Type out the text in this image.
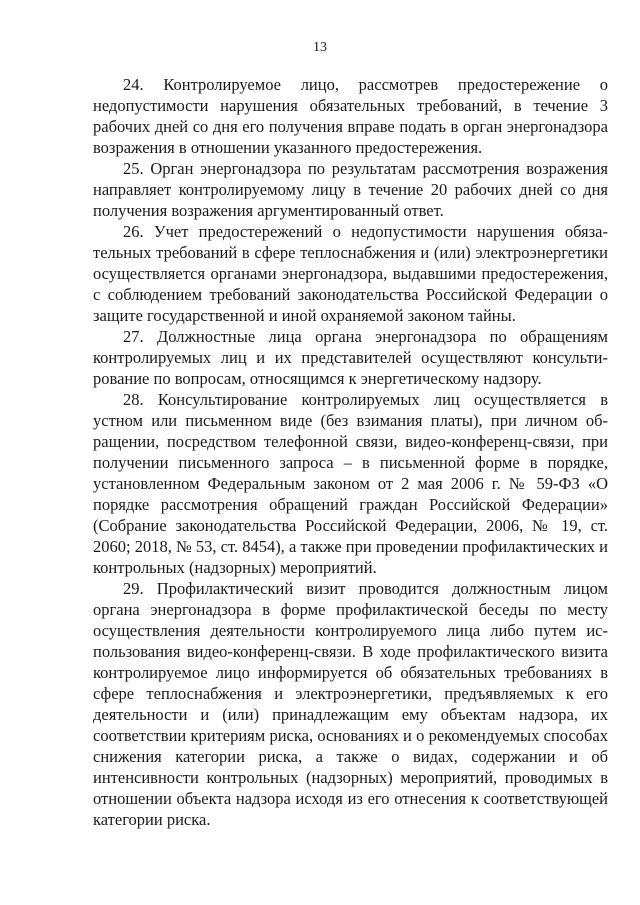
13

24. Контролируемое лицо, рассмотрев предостережение о недопустимости нарушения обязательных требований, в течение 3 рабочих дней со дня его получения вправе подать в орган энергонадзора возражения в отношении указанного предостережения.

25. Орган энергонадзора по результатам рассмотрения возражения направляет контролируемому лицу в течение 20 рабочих дней со дня получения возражения аргументированный ответ.

26. Учет предостережений о недопустимости нарушения обязательных требований в сфере теплоснабжения и (или) электроэнергетики осуществляется органами энергонадзора, выдавшими предостережения, с соблюдением требований законодательства Российской Федерации о защите государственной и иной охраняемой законом тайны.

27. Должностные лица органа энергонадзора по обращениям контролируемых лиц и их представителей осуществляют консультирование по вопросам, относящимся к энергетическому надзору.

28. Консультирование контролируемых лиц осуществляется в устном или письменном виде (без взимания платы), при личном обращении, посредством телефонной связи, видео-конференц-связи, при получении письменного запроса – в письменной форме в порядке, установленном Федеральным законом от 2 мая 2006 г. № 59-ФЗ «О порядке рассмотрения обращений граждан Российской Федерации» (Собрание законодательства Российской Федерации, 2006, № 19, ст. 2060; 2018, № 53, ст. 8454), а также при проведении профилактических и контрольных (надзорных) мероприятий.

29. Профилактический визит проводится должностным лицом органа энергонадзора в форме профилактической беседы по месту осуществления деятельности контролируемого лица либо путем использования видео-конференц-связи. В ходе профилактического визита контролируемое лицо информируется об обязательных требованиях в сфере теплоснабжения и электроэнергетики, предъявляемых к его деятельности и (или) принадлежащим ему объектам надзора, их соответствии критериям риска, основаниях и о рекомендуемых способах снижения категории риска, а также о видах, содержании и об интенсивности контрольных (надзорных) мероприятий, проводимых в отношении объекта надзора исходя из его отнесения к соответствующей категории риска.
